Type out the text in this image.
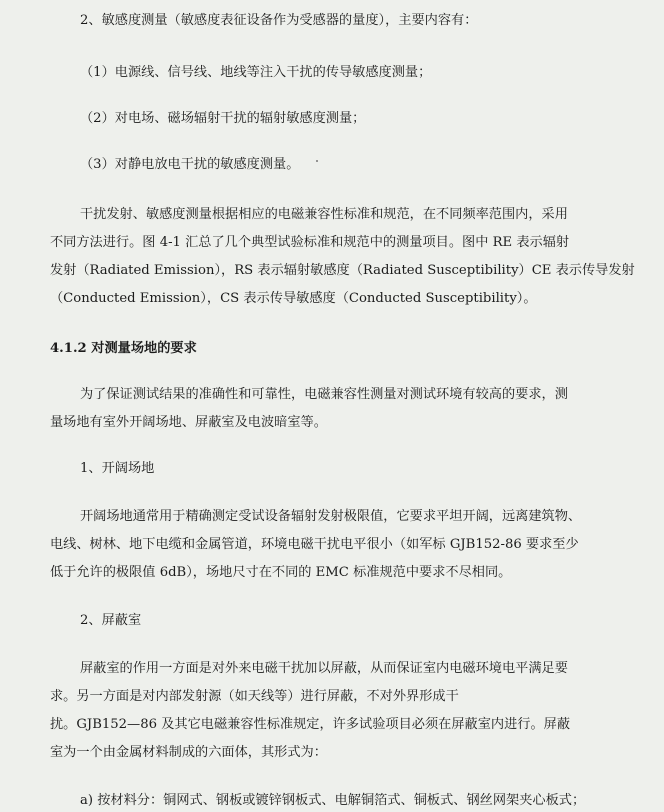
2、敏感度测量（敏感度表征设备作为受感器的量度），主要内容有：
（1）电源线、信号线、地线等注入干扰的传导敏感度测量；
（2）对电场、磁场辐射干扰的辐射敏感度测量；
（3）对静电放电干扰的敏感度测量。
干扰发射、敏感度测量根据相应的电磁兼容性标准和规范，在不同频率范围内，采用
不同方法进行。图 4-1 汇总了几个典型试验标准和规范中的测量项目。图中 RE 表示辐射
发射（Radiated Emission），RS 表示辐射敏感度（Radiated Susceptibility）CE 表示传导发射
（Conducted Emission），CS 表示传导敏感度（Conducted Susceptibility）。
4.1.2 对测量场地的要求
为了保证测试结果的准确性和可靠性，电磁兼容性测量对测试环境有较高的要求，测
量场地有室外开阔场地、屏蔽室及电波暗室等。
1、开阔场地
开阔场地通常用于精确测定受试设备辐射发射极限值，它要求平坦开阔，远离建筑物、
电线、树林、地下电缆和金属管道，环境电磁干扰电平很小（如军标 GJB152-86 要求至少
低于允许的极限值 6dB），场地尺寸在不同的 EMC 标准规范中要求不尽相同。
2、屏蔽室
屏蔽室的作用一方面是对外来电磁干扰加以屏蔽，从而保证室内电磁环境电平满足要
求。另一方面是对内部发射源（如天线等）进行屏蔽，不对外界形成干
扰。GJB152—86 及其它电磁兼容性标准规定，许多试验项目必须在屏蔽室内进行。屏蔽
室为一个由金属材料制成的六面体，其形式为：
a) 按材料分：铜网式、钢板或镀锌钢板式、电解铜箔式、铜板式、钢丝网架夹心板式；
